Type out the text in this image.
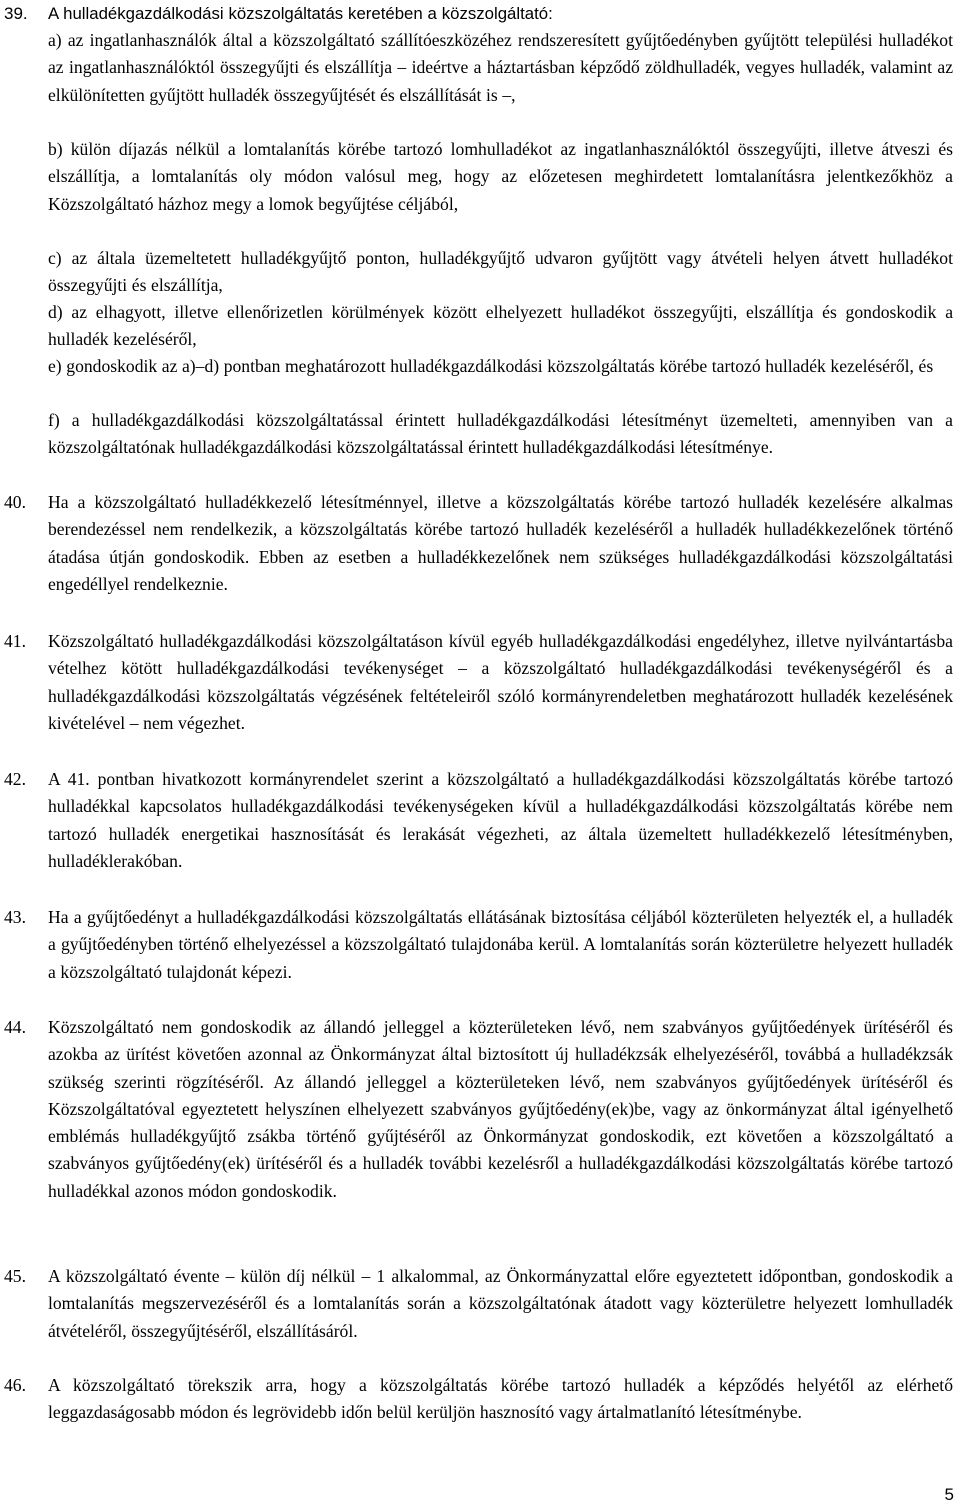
39. A hulladékgazdálkodási közszolgáltatás keretében a közszolgáltató:

a) az ingatlanhasználók által a közszolgáltató szállítóeszközéhez rendszeresített gyűjtőedényben gyűjtött települési hulladékot az ingatlanhasználóktól összegyűjti és elszállítja – ideértve a háztartásban képződő zöldhulladék, vegyes hulladék, valamint az elkülönítetten gyűjtött hulladék összegyűjtését és elszállítását is –,

b) külön díjazás nélkül a lomtalanítás körébe tartozó lomhulladékot az ingatlanhasználóktól összegyűjti, illetve átveszi és elszállítja, a lomtalanítás oly módon valósul meg, hogy az előzetesen meghirdetett lomtalanításra jelentkezőkhöz a Közszolgáltató házhoz megy a lomok begyűjtése céljából,

c) az általa üzemeltetett hulladékgyűjtő ponton, hulladékgyűjtő udvaron gyűjtött vagy átvételi helyen átvett hulladékot összegyűjti és elszállítja,

d) az elhagyott, illetve ellenőrizetlen körülmények között elhelyezett hulladékot összegyűjti, elszállítja és gondoskodik a hulladék kezeléséről,

e) gondoskodik az a)–d) pontban meghatározott hulladékgazdálkodási közszolgáltatás körébe tartozó hulladék kezeléséről, és

f) a hulladékgazdálkodási közszolgáltatással érintett hulladékgazdálkodási létesítményt üzemelteti, amennyiben van a közszolgáltatónak hulladékgazdálkodási közszolgáltatással érintett hulladékgazdálkodási létesítménye.

40. Ha a közszolgáltató hulladékkezelő létesítménnyel, illetve a közszolgáltatás körébe tartozó hulladék kezelésére alkalmas berendezéssel nem rendelkezik, a közszolgáltatás körébe tartozó hulladék kezeléséről a hulladék hulladékkezelőnek történő átadása útján gondoskodik. Ebben az esetben a hulladékkezelőnek nem szükséges hulladékgazdálkodási közszolgáltatási engedéllyel rendelkeznie.

41. Közszolgáltató hulladékgazdálkodási közszolgáltatáson kívül egyéb hulladékgazdálkodási engedélyhez, illetve nyilvántartásba vételhez kötött hulladékgazdálkodási tevékenységet – a közszolgáltató hulladékgazdálkodási tevékenységéről és a hulladékgazdálkodási közszolgáltatás végzésének feltételeiről szóló kormányrendeletben meghatározott hulladék kezelésének kivételével – nem végezhet.

42. A 41. pontban hivatkozott kormányrendelet szerint a közszolgáltató a hulladékgazdálkodási közszolgáltatás körébe tartozó hulladékkal kapcsolatos hulladékgazdálkodási tevékenységeken kívül a hulladékgazdálkodási közszolgáltatás körébe nem tartozó hulladék energetikai hasznosítását és lerakását végezheti, az általa üzemeltett hulladékkezelő létesítményben, hulladéklerakóban.

43. Ha a gyűjtőedényt a hulladékgazdálkodási közszolgáltatás ellátásának biztosítása céljából közterületen helyezték el, a hulladék a gyűjtőedényben történő elhelyezéssel a közszolgáltató tulajdonába kerül. A lomtalanítás során közterületre helyezett hulladék a közszolgáltató tulajdonát képezi.

44. Közszolgáltató nem gondoskodik az állandó jelleggel a közterületeken lévő, nem szabványos gyűjtőedények ürítéséről és azokba az ürítést követően azonnal az Önkormányzat által biztosított új hulladékzsák elhelyezéséről, továbbá a hulladékzsák szükség szerinti rögzítéséről. Az állandó jelleggel a közterületeken lévő, nem szabványos gyűjtőedények ürítéséről és Közszolgáltatóval egyeztetett helyszínen elhelyezett szabványos gyűjtőedény(ek)be, vagy az önkormányzat által igényelhető emblémás hulladékgyűjtő zsákba történő gyűjtéséről az Önkormányzat gondoskodik, ezt követően a közszolgáltató a szabványos gyűjtőedény(ek) ürítéséről és a hulladék további kezelésről a hulladékgazdálkodási közszolgáltatás körébe tartozó hulladékkal azonos módon gondoskodik.

45. A közszolgáltató évente – külön díj nélkül – 1 alkalommal, az Önkormányzattal előre egyeztetett időpontban, gondoskodik a lomtalanítás megszervezéséről és a lomtalanítás során a közszolgáltatónak átadott vagy közterületre helyezett lomhulladék átvételéről, összegyűjtéséről, elszállításáról.

46. A közszolgáltató törekszik arra, hogy a közszolgáltatás körébe tartozó hulladék a képződés helyétől az elérhető leggazdaságosabb módon és legrövidebb időn belül kerüljön hasznosító vagy ártalmatlanító létesítménybe.

5
